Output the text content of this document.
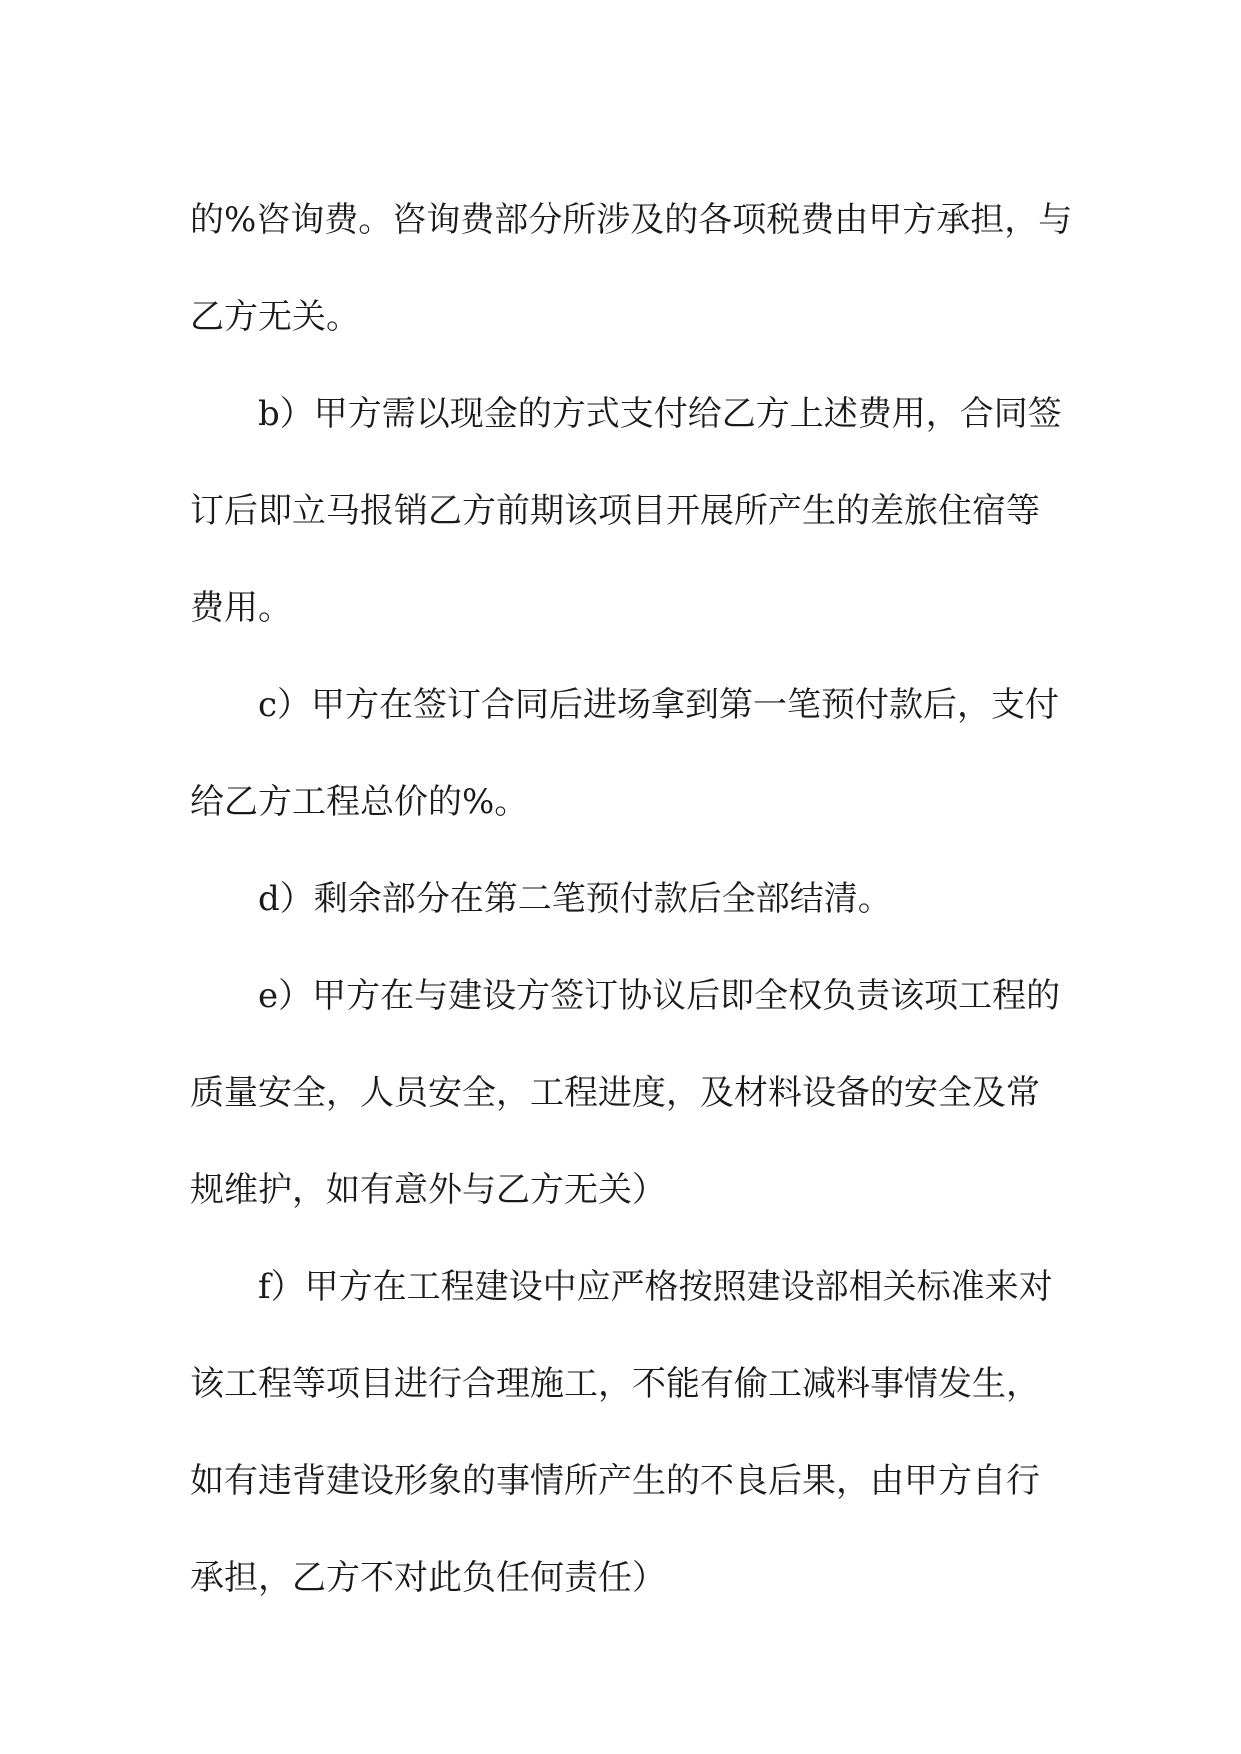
的%咨询费。咨询费部分所涉及的各项税费由甲方承担，与

乙方无关。

b）甲方需以现金的方式支付给乙方上述费用，合同签

订后即立马报销乙方前期该项目开展所产生的差旅住宿等

费用。

c）甲方在签订合同后进场拿到第一笔预付款后，支付

给乙方工程总价的%。

d）剩余部分在第二笔预付款后全部结清。

e）甲方在与建设方签订协议后即全权负责该项工程的

质量安全，人员安全，工程进度，及材料设备的安全及常

规维护，如有意外与乙方无关）

f）甲方在工程建设中应严格按照建设部相关标准来对

该工程等项目进行合理施工，不能有偷工减料事情发生，

如有违背建设形象的事情所产生的不良后果，由甲方自行

承担，乙方不对此负任何责任）
